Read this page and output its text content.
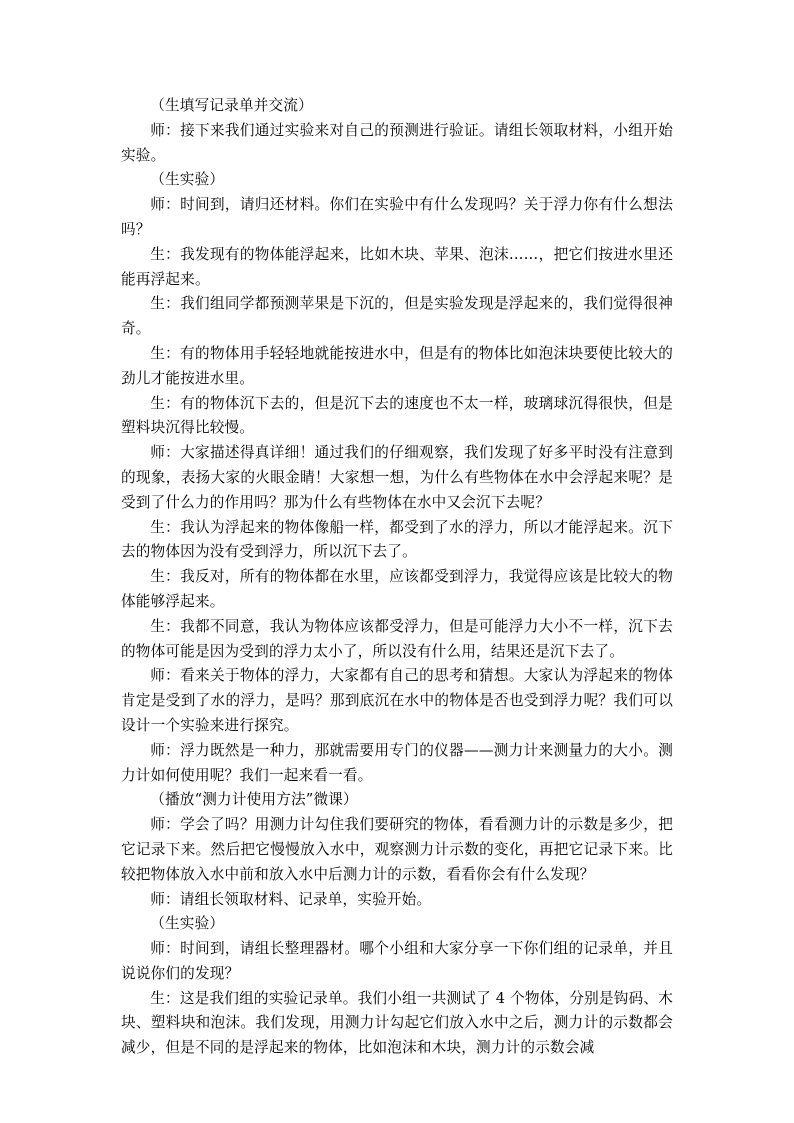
（生填写记录单并交流）

师：接下来我们通过实验来对自己的预测进行验证。请组长领取材料，小组开始实验。

（生实验）

师：时间到，请归还材料。你们在实验中有什么发现吗？关于浮力你有什么想法吗？

生：我发现有的物体能浮起来，比如木块、苹果、泡沫……，把它们按进水里还能再浮起来。

生：我们组同学都预测苹果是下沉的，但是实验发现是浮起来的，我们觉得很神奇。

生：有的物体用手轻轻地就能按进水中，但是有的物体比如泡沫块要使比较大的劲儿才能按进水里。

生：有的物体沉下去的，但是沉下去的速度也不太一样，玻璃球沉得很快，但是塑料块沉得比较慢。

师：大家描述得真详细！通过我们的仔细观察，我们发现了好多平时没有注意到的现象，表扬大家的火眼金睛！大家想一想，为什么有些物体在水中会浮起来呢？是受到了什么力的作用吗？那为什么有些物体在水中又会沉下去呢？

生：我认为浮起来的物体像船一样，都受到了水的浮力，所以才能浮起来。沉下去的物体因为没有受到浮力，所以沉下去了。

生：我反对，所有的物体都在水里，应该都受到浮力，我觉得应该是比较大的物体能够浮起来。

生：我都不同意，我认为物体应该都受浮力，但是可能浮力大小不一样，沉下去的物体可能是因为受到的浮力太小了，所以没有什么用，结果还是沉下去了。

师：看来关于物体的浮力，大家都有自己的思考和猜想。大家认为浮起来的物体肯定是受到了水的浮力，是吗？那到底沉在水中的物体是否也受到浮力呢？我们可以设计一个实验来进行探究。

师：浮力既然是一种力，那就需要用专门的仪器——测力计来测量力的大小。测力计如何使用呢？我们一起来看一看。

（播放“测力计使用方法”微课）

师：学会了吗？用测力计勾住我们要研究的物体，看看测力计的示数是多少，把它记录下来。然后把它慢慢放入水中，观察测力计示数的变化，再把它记录下来。比较把物体放入水中前和放入水中后测力计的示数，看看你会有什么发现？

师：请组长领取材料、记录单，实验开始。

（生实验）

师：时间到，请组长整理器材。哪个小组和大家分享一下你们组的记录单，并且说说你们的发现？

生：这是我们组的实验记录单。我们小组一共测试了 4 个物体，分别是钩码、木块、塑料块和泡沫。我们发现，用测力计勾起它们放入水中之后，测力计的示数都会减少，但是不同的是浮起来的物体，比如泡沫和木块，测力计的示数会减
